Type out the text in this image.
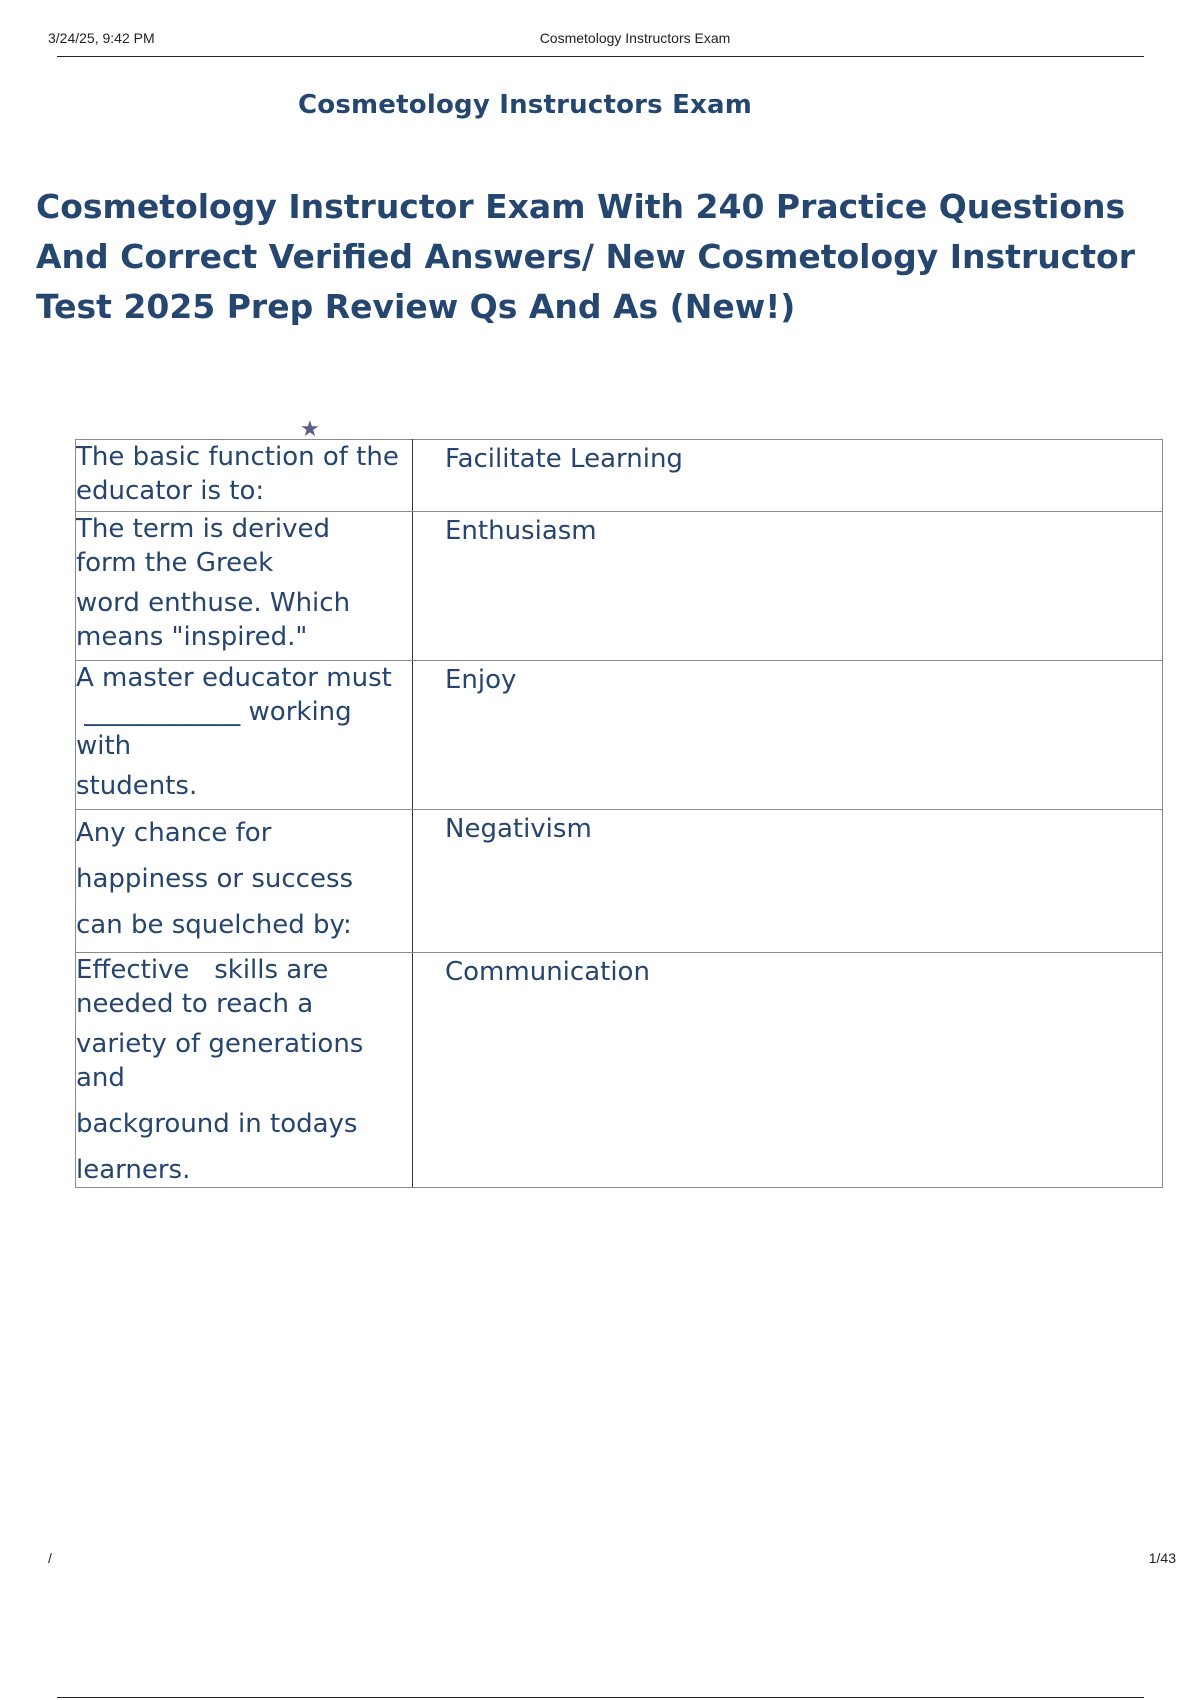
3/24/25, 9:42 PM	Cosmetology Instructors Exam
Cosmetology Instructors Exam
Cosmetology Instructor Exam With 240 Practice Questions And Correct Verified Answers/ New Cosmetology Instructor Test 2025 Prep Review Qs And As (New!)
★
The basic function of the
educator is to:	Facilitate Learning

The term is derived
form the Greek
word enthuse. Which
means "inspired."	Enthusiasm

A master educator must
____________ working
with
students.	Enjoy

Any chance for
happiness or success
can be squelched by:	Negativism

Effective   skills are
needed to reach a
variety of generations and
background in todays
learners.	Communication
/	1/43
